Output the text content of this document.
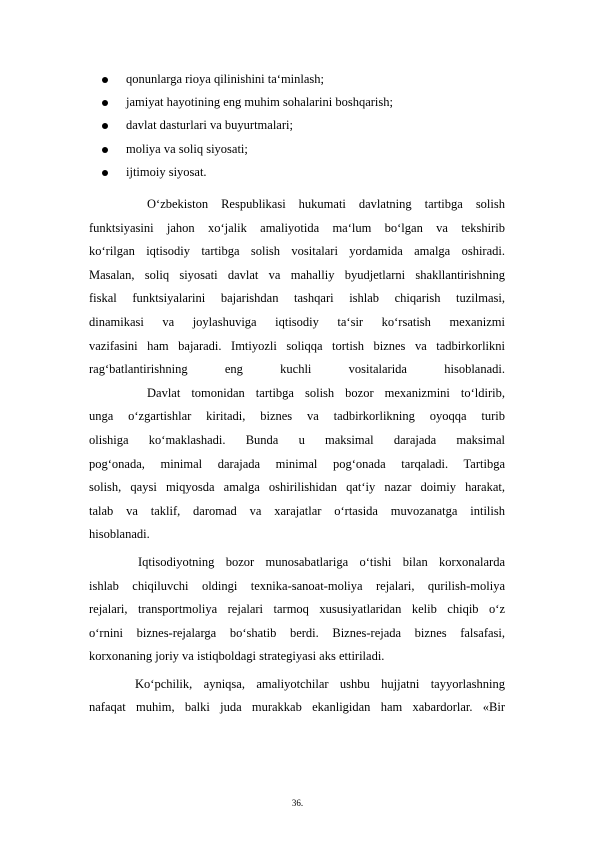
qonunlarga rioya qilinishini ta‘minlash;
jamiyat hayotining eng muhim sohalarini boshqarish;
davlat dasturlari va buyurtmalari;
moliya va soliq siyosati;
ijtimoiy siyosat.

O‘zbekiston Respublikasi hukumati davlatning tartibga solish

funktsiyasini jahon xo‘jalik amaliyotida ma‘lum bo‘lgan va tekshirib

ko‘rilgan iqtisodiy tartibga solish vositalari yordamida amalga oshiradi.

Masalan, soliq siyosati davlat va mahalliy byudjetlarni shakllantirishning

fiskal funktsiyalarini bajarishdan tashqari ishlab chiqarish tuzilmasi,

dinamikasi va joylashuviga iqtisodiy ta‘sir ko‘rsatish mexanizmi

vazifasini ham bajaradi. Imtiyozli soliqqa tortish biznes va tadbirkorlikni

rag‘batlantirishning eng kuchli vositalarida hisoblanadi.

Davlat tomonidan tartibga solish bozor mexanizmini to‘ldirib,

unga o‘zgartishlar kiritadi, biznes va tadbirkorlikning oyoqqa turib

olishiga ko‘maklashadi. Bunda u maksimal darajada maksimal

pog‘onada, minimal darajada minimal pog‘onada tarqaladi. Tartibga

solish, qaysi miqyosda amalga oshirilishidan qat‘iy nazar doimiy harakat,

talab va taklif, daromad va xarajatlar o‘rtasida muvozanatga intilish

hisoblanadi.

Iqtisodiyotning bozor munosabatlariga o‘tishi bilan korxonalarda

ishlab chiqiluvchi oldingi texnika-sanoat-moliya rejalari, qurilish-moliya

rejalari, transportmoliya rejalari tarmoq xususiyatlaridan kelib chiqib o‘z

o‘rnini biznes-rejalarga bo‘shatib berdi. Biznes-rejada biznes falsafasi,

korxonaning joriy va istiqboldagi strategiyasi aks ettiriladi.

Ko‘pchilik, ayniqsa, amaliyotchilar ushbu hujjatni tayyorlashning

nafaqat muhim, balki juda murakkab ekanligidan ham xabardorlar. «Bir

36.
